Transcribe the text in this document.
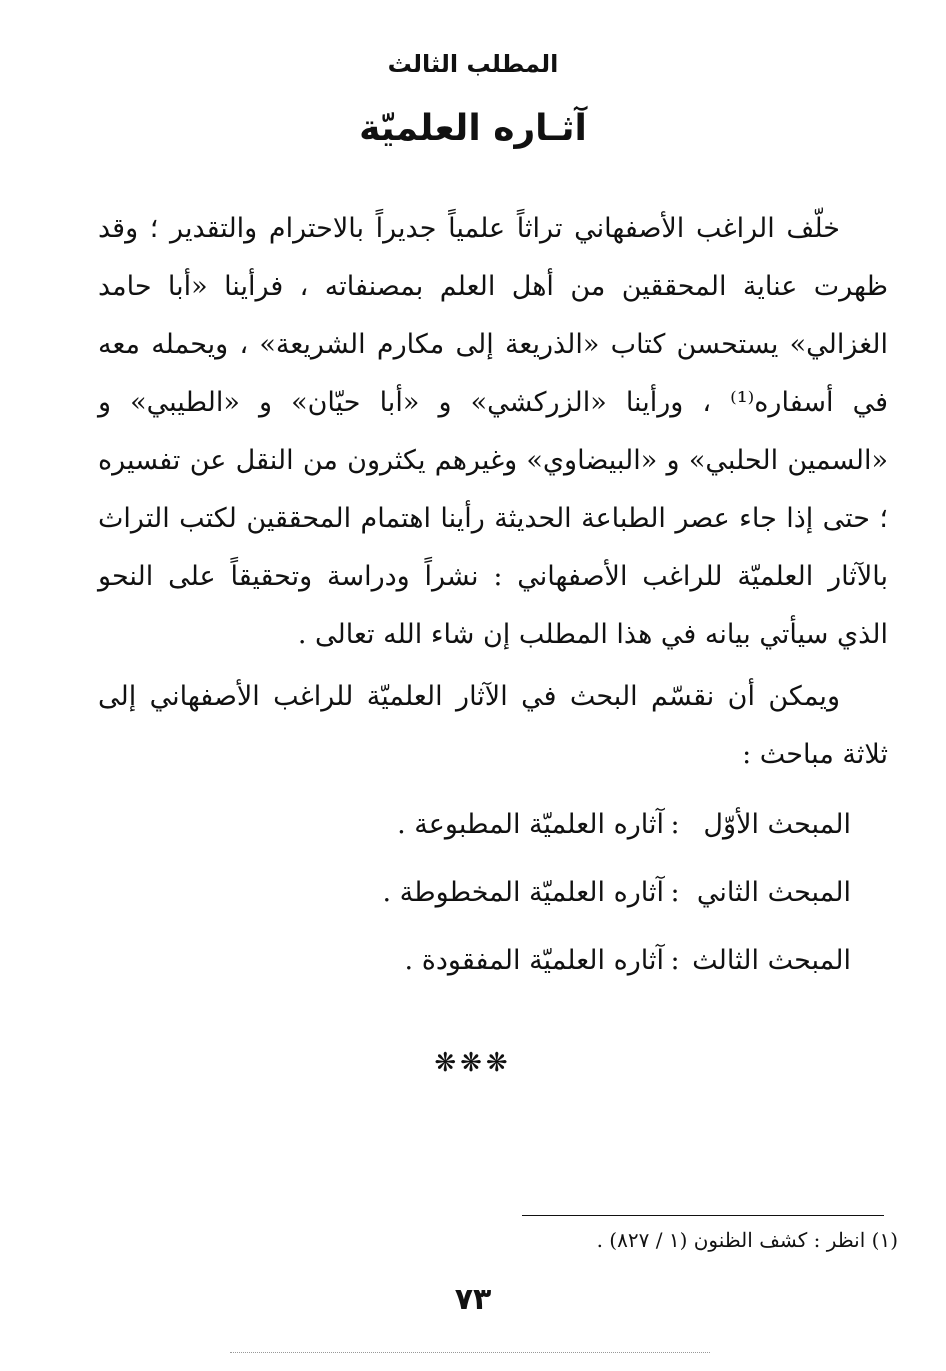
المطلب الثالث
آثـاره العلميّة

خلّف الراغب الأصفهاني تراثاً علمياً جديراً بالاحترام والتقدير ؛ وقد ظهرت عناية المحققين من أهل العلم بمصنفاته ، فرأينا «أبا حامد الغزالي» يستحسن كتاب «الذريعة إلى مكارم الشريعة» ، ويحمله معه في أسفاره⁽¹⁾ ، ورأينا «الزركشي» و «أبا حيّان» و «الطيبي» و «السمين الحلبي» و «البيضاوي» وغيرهم يكثرون من النقل عن تفسيره ؛ حتى إذا جاء عصر الطباعة الحديثة رأينا اهتمام المحققين لكتب التراث بالآثار العلميّة للراغب الأصفهاني : نشراً ودراسة وتحقيقاً على النحو الذي سيأتي بيانه في هذا المطلب إن شاء الله تعالى .

ويمكن أن نقسّم البحث في الآثار العلميّة للراغب الأصفهاني إلى ثلاثة مباحث :

المبحث الأوّل
:
آثاره العلميّة المطبوعة .
المبحث الثاني
:
آثاره العلميّة المخطوطة .
المبحث الثالث
:
آثاره العلميّة المفقودة .
❋❋❋
(١) انظر : كشف الظنون (١ / ٨٢٧) .
٧٣
